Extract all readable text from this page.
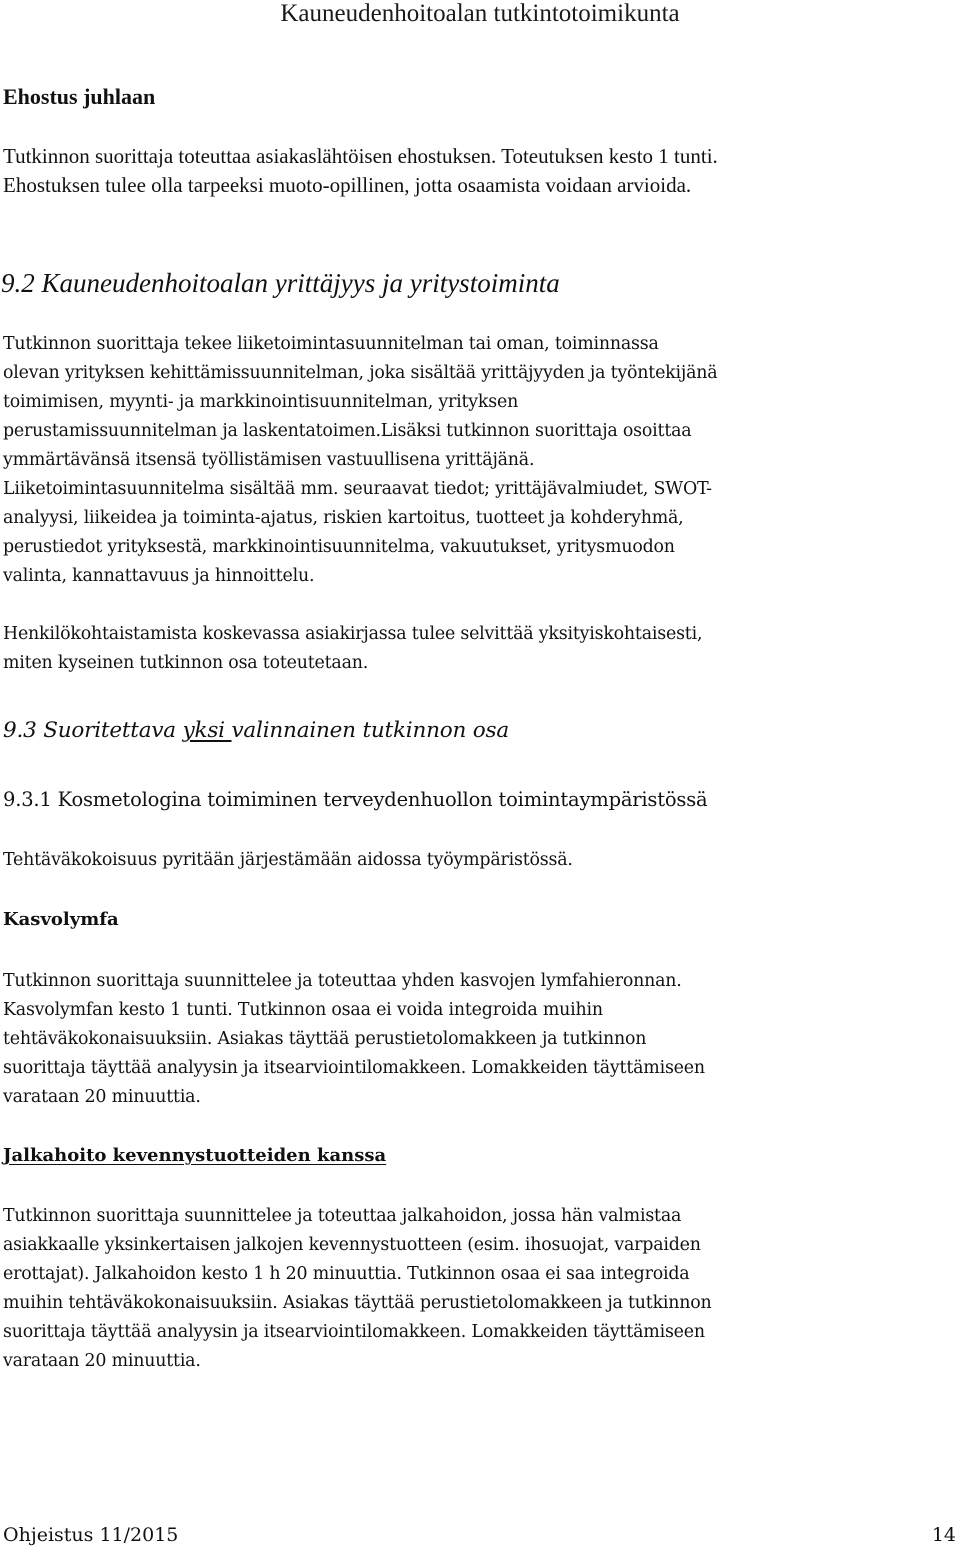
Kauneudenhoitoalan tutkintotoimikunta
Ehostus juhlaan
Tutkinnon suorittaja toteuttaa asiakaslähtöisen ehostuksen. Toteutuksen kesto 1 tunti.
Ehostuksen tulee olla tarpeeksi muoto-opillinen, jotta osaamista voidaan arvioida.
9.2 Kauneudenhoitoalan yrittäjyys ja yritystoiminta
Tutkinnon suorittaja tekee liiketoimintasuunnitelman tai oman, toiminnassa
olevan yrityksen kehittämissuunnitelman, joka sisältää yrittäjyyden ja työntekijänä
toimimisen, myynti- ja markkinointisuunnitelman, yrityksen
perustamissuunnitelman ja laskentatoimen.Lisäksi tutkinnon suorittaja osoittaa
ymmärtävänsä itsensä työllistämisen vastuullisena yrittäjänä.
Liiketoimintasuunnitelma sisältää mm. seuraavat tiedot; yrittäjävalmiudet, SWOT-
analyysi, liikeidea ja toiminta-ajatus, riskien kartoitus, tuotteet ja kohderyhmä,
perustiedot yrityksestä, markkinointisuunnitelma, vakuutukset, yritysmuodon
valinta, kannattavuus ja hinnoittelu.
Henkilökohtaistamista koskevassa asiakirjassa tulee selvittää yksityiskohtaisesti,
miten kyseinen tutkinnon osa toteutetaan.
9.3 Suoritettava yksi valinnainen tutkinnon osa
9.3.1 Kosmetologina toimiminen terveydenhuollon toimintaympäristössä
Tehtäväkokoisuus pyritään järjestämään aidossa työympäristössä.
Kasvolymfa
Tutkinnon suorittaja suunnittelee ja toteuttaa yhden kasvojen lymfahieronnan.
Kasvolymfan kesto 1 tunti. Tutkinnon osaa ei voida integroida muihin
tehtäväkokonaisuuksiin. Asiakas täyttää perustietolomakkeen ja tutkinnon
suorittaja täyttää analyysin ja itsearviointilomakkeen. Lomakkeiden täyttämiseen
varataan 20 minuuttia.
Jalkahoito kevennystuotteiden kanssa
Tutkinnon suorittaja suunnittelee ja toteuttaa jalkahoidon, jossa hän valmistaa
asiakkaalle yksinkertaisen jalkojen kevennystuotteen (esim. ihosuojat, varpaiden
erottajat). Jalkahoidon kesto 1 h 20 minuuttia. Tutkinnon osaa ei saa integroida
muihin tehtäväkokonaisuuksiin. Asiakas täyttää perustietolomakkeen ja tutkinnon
suorittaja täyttää analyysin ja itsearviointilomakkeen. Lomakkeiden täyttämiseen
varataan 20 minuuttia.
Ohjeistus 11/2015	14
